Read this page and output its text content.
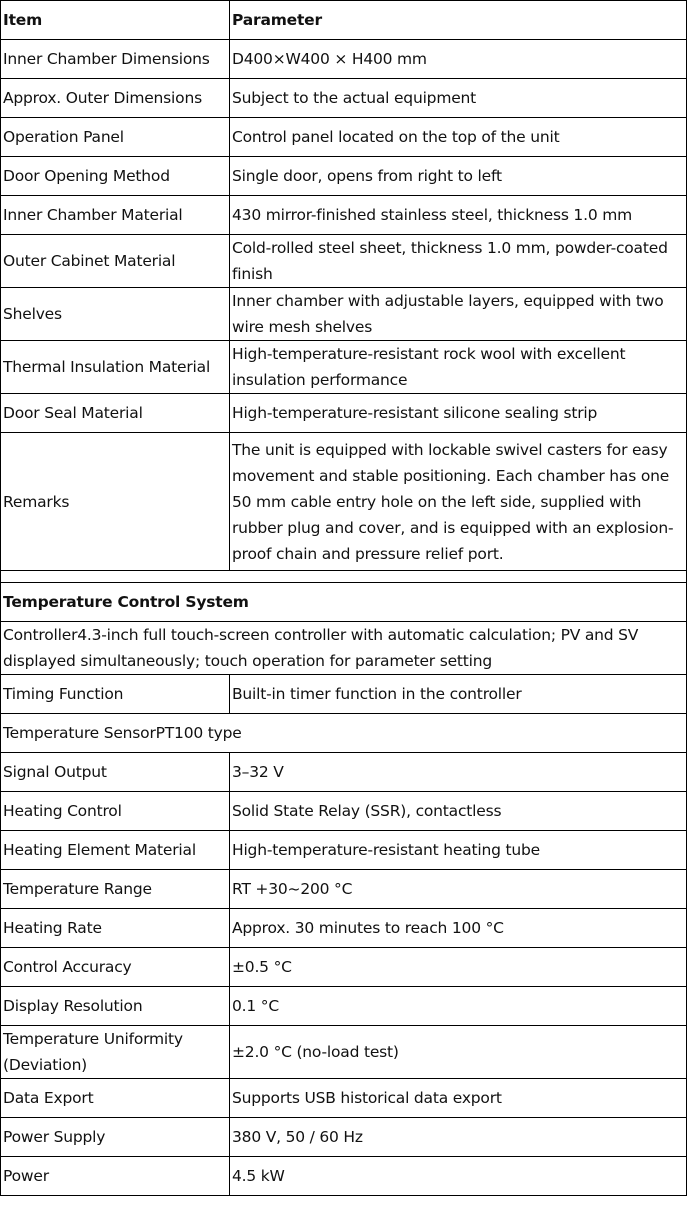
Item	Parameter
Inner Chamber Dimensions	D400×W400 × H400 mm
Approx. Outer Dimensions	Subject to the actual equipment
Operation Panel	Control panel located on the top of the unit
Door Opening Method	Single door, opens from right to left
Inner Chamber Material	430 mirror-finished stainless steel, thickness 1.0 mm
Outer Cabinet Material	Cold-rolled steel sheet, thickness 1.0 mm, powder-coated finish
Shelves	Inner chamber with adjustable layers, equipped with two wire mesh shelves
Thermal Insulation Material	High-temperature-resistant rock wool with excellent insulation performance
Door Seal Material	High-temperature-resistant silicone sealing strip
Remarks	The unit is equipped with lockable swivel casters for easy movement and stable positioning. Each chamber has one 50 mm cable entry hole on the left side, supplied with rubber plug and cover, and is equipped with an explosion-proof chain and pressure relief port.

Temperature Control System	
Controller4.3-inch full touch-screen controller with automatic calculation; PV and SV displayed simultaneously; touch operation for parameter setting	
Timing Function	Built-in timer function in the controller
Temperature SensorPT100 type	
Signal Output	3–32 V
Heating Control	Solid State Relay (SSR), contactless
Heating Element Material	High-temperature-resistant heating tube
Temperature Range	RT +30~200 °C
Heating Rate	Approx. 30 minutes to reach 100 °C
Control Accuracy	±0.5 °C
Display Resolution	0.1 °C
Temperature Uniformity (Deviation)	±2.0 °C (no-load test)
Data Export	Supports USB historical data export
Power Supply	380 V, 50 / 60 Hz
Power	4.5 kW
